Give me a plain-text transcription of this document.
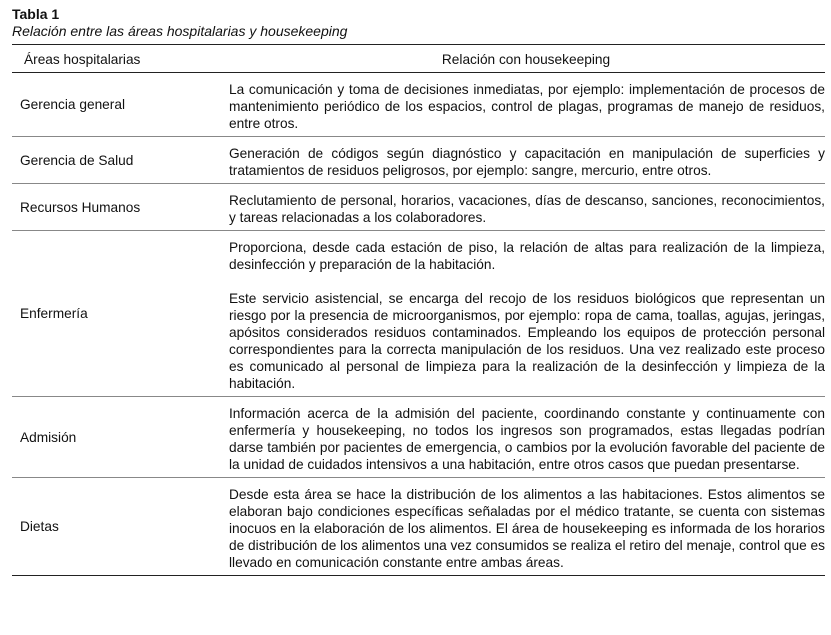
Tabla 1

Relación entre las áreas hospitalarias y housekeeping

Áreas hospitalarias	Relación con housekeeping
Gerencia general	La comunicación y toma de decisiones inmediatas, por ejemplo: implementación de procesos de mantenimiento periódico de los espacios, control de plagas, programas de manejo de residuos, entre otros.

Gerencia de Salud	Generación de códigos según diagnóstico y capacitación en manipulación de superficies y tratamientos de residuos peligrosos, por ejemplo: sangre, mercurio, entre otros.

Recursos Humanos	Reclutamiento de personal, horarios, vacaciones, días de descanso, sanciones, reconocimientos, y tareas relacionadas a los colaboradores.

Enfermería	Proporciona, desde cada estación de piso, la relación de altas para realización de la limpieza, desinfección y preparación de la habitación.

Este servicio asistencial, se encarga del recojo de los residuos biológicos que representan un riesgo por la presencia de microorganismos, por ejemplo: ropa de cama, toallas, agujas, jeringas, apósitos considerados residuos contaminados. Empleando los equipos de protección personal correspondientes para la correcta manipulación de los residuos. Una vez realizado este proceso es comunicado al personal de limpieza para la realización de la desinfección y limpieza de la habitación.

Admisión	Información acerca de la admisión del paciente, coordinando constante y continuamente con enfermería y housekeeping, no todos los ingresos son programados, estas llegadas podrían darse también por pacientes de emergencia, o cambios por la evolución favorable del paciente de la unidad de cuidados intensivos a una habitación, entre otros casos que puedan presentarse.

Dietas	Desde esta área se hace la distribución de los alimentos a las habitaciones. Estos alimentos se elaboran bajo condiciones específicas señaladas por el médico tratante, se cuenta con sistemas inocuos en la elaboración de los alimentos. El área de housekeeping es informada de los horarios de distribución de los alimentos una vez consumidos se realiza el retiro del menaje, control que es llevado en comunicación constante entre ambas áreas.
